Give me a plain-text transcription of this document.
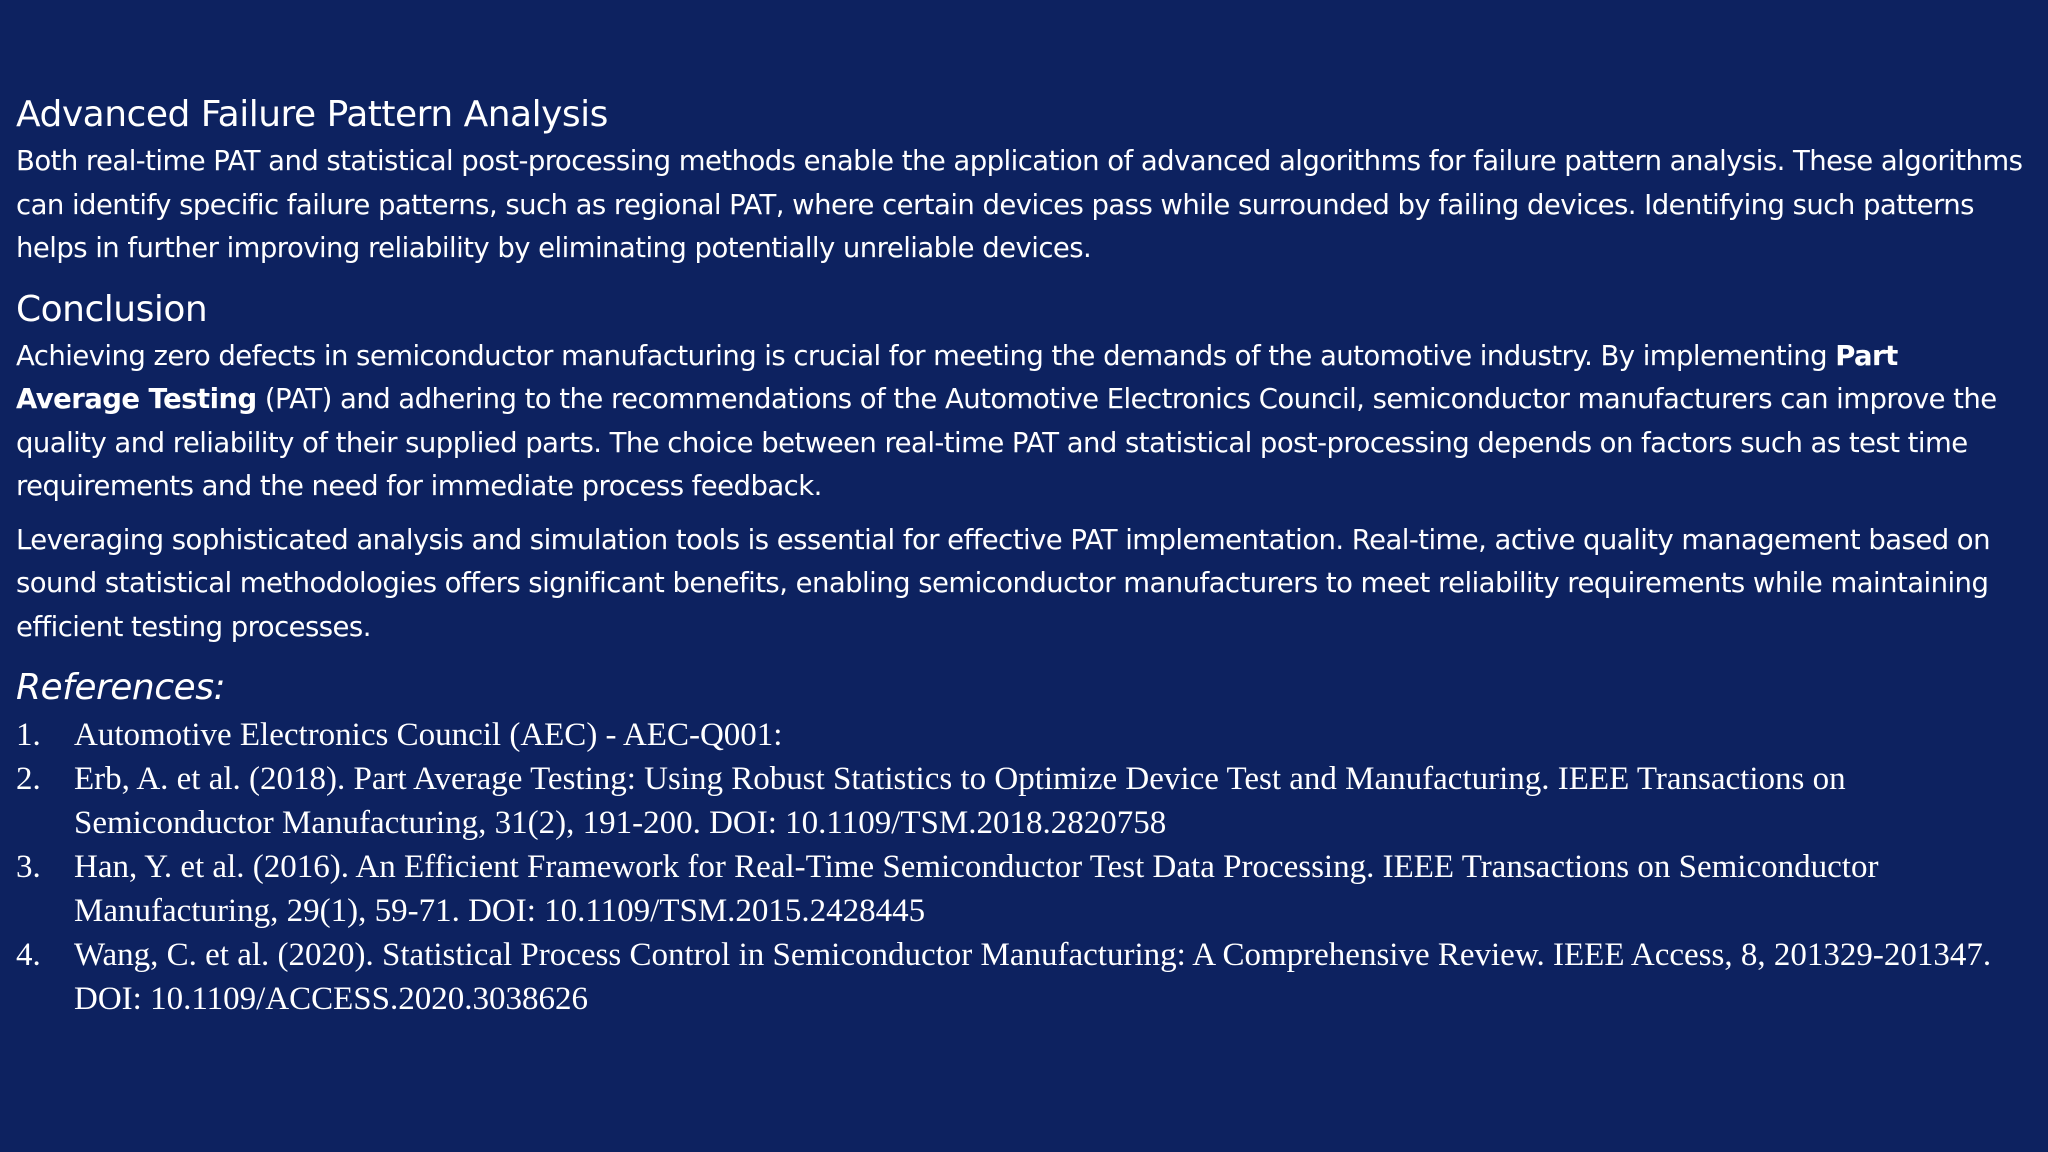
Advanced Failure Pattern Analysis

Both real-time PAT and statistical post-processing methods enable the application of advanced algorithms for failure pattern analysis. These algorithms can identify specific failure patterns, such as regional PAT, where certain devices pass while surrounded by failing devices. Identifying such patterns helps in further improving reliability by eliminating potentially unreliable devices.

Conclusion

Achieving zero defects in semiconductor manufacturing is crucial for meeting the demands of the automotive industry. By implementing Part Average Testing (PAT) and adhering to the recommendations of the Automotive Electronics Council, semiconductor manufacturers can improve the quality and reliability of their supplied parts. The choice between real-time PAT and statistical post-processing depends on factors such as test time requirements and the need for immediate process feedback.

Leveraging sophisticated analysis and simulation tools is essential for effective PAT implementation. Real-time, active quality management based on sound statistical methodologies offers significant benefits, enabling semiconductor manufacturers to meet reliability requirements while maintaining efficient testing processes.

References:
1.	Automotive Electronics Council (AEC) - AEC-Q001:
2.	Erb, A. et al. (2018). Part Average Testing: Using Robust Statistics to Optimize Device Test and Manufacturing. IEEE Transactions on Semiconductor Manufacturing, 31(2), 191-200. DOI: 10.1109/TSM.2018.2820758
3.	Han, Y. et al. (2016). An Efficient Framework for Real-Time Semiconductor Test Data Processing. IEEE Transactions on Semiconductor Manufacturing, 29(1), 59-71. DOI: 10.1109/TSM.2015.2428445
4.	Wang, C. et al. (2020). Statistical Process Control in Semiconductor Manufacturing: A Comprehensive Review. IEEE Access, 8, 201329-201347. DOI: 10.1109/ACCESS.2020.3038626
